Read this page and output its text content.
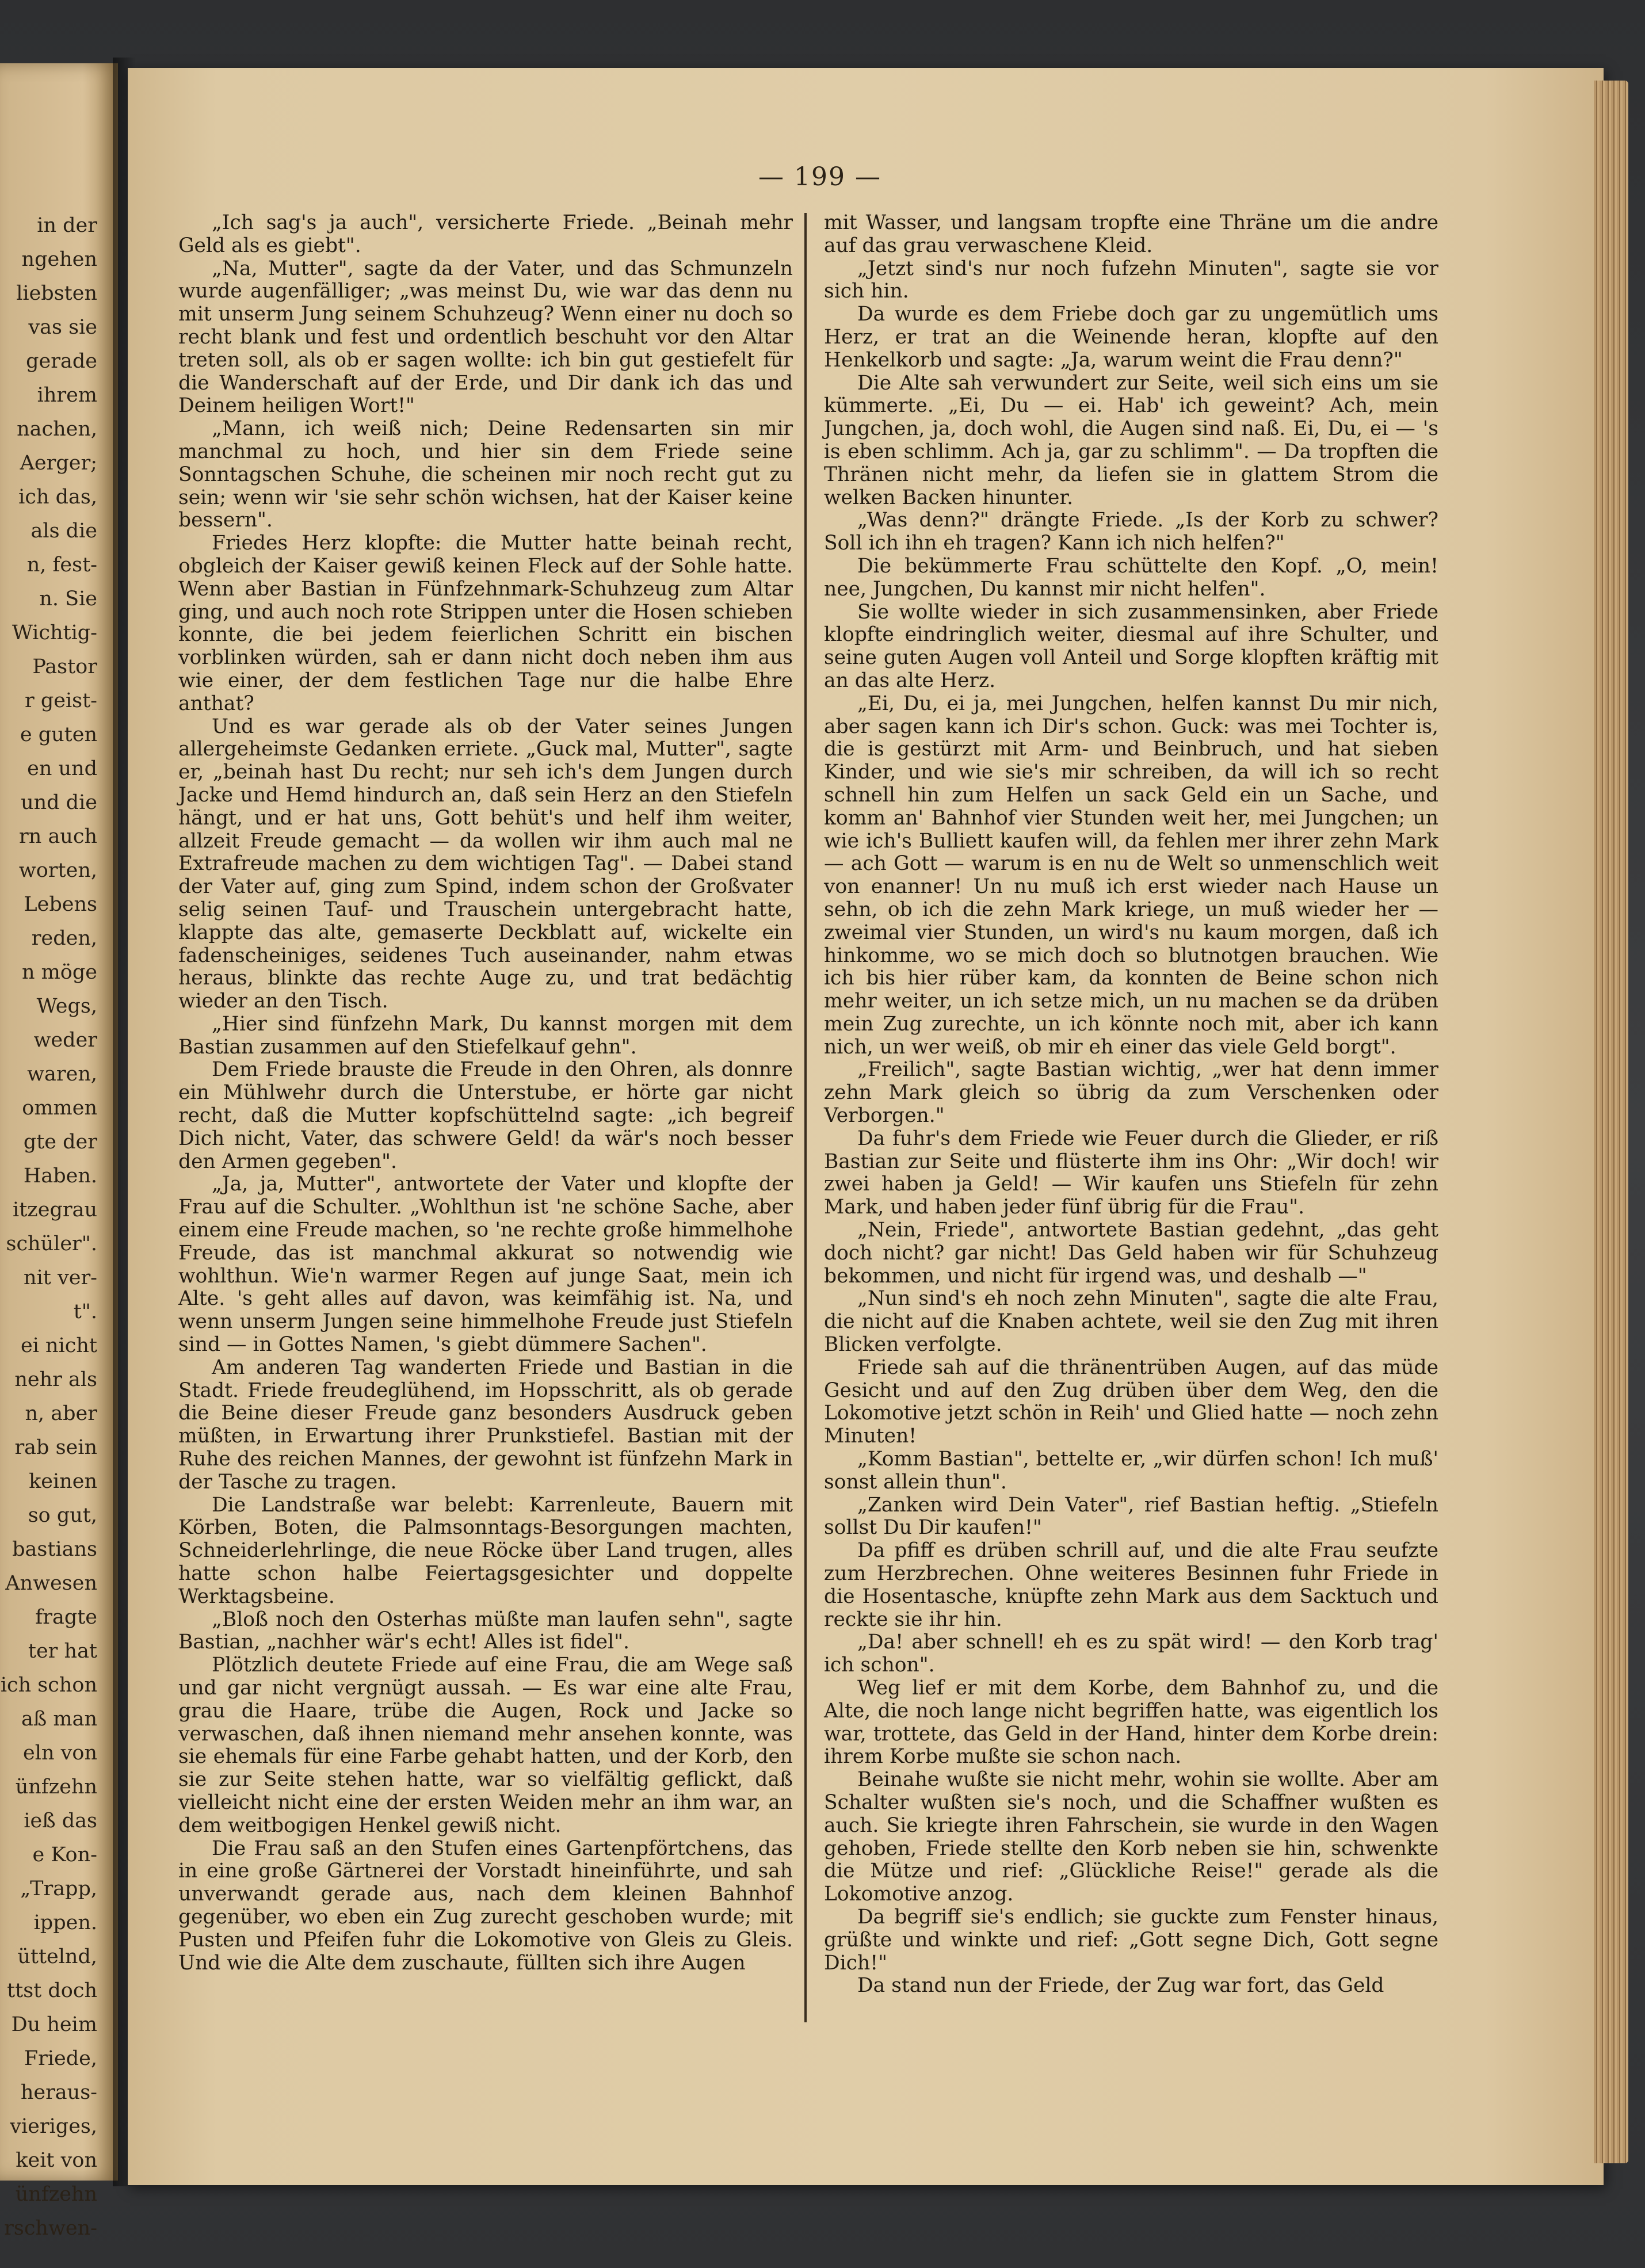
in der
ngehen
liebsten
vas sie
gerade
ihrem
nachen,
Aerger;
ich das,
als die
n, fest-
n. Sie
Wichtig-
Pastor
r geist-
e guten
en und
und die
rn auch
worten,
Lebens
reden,
n möge
Wegs,
weder
waren,
ommen
gte der
Haben.
itzegrau
schüler".
nit ver-
t".
ei nicht
nehr als
n, aber
rab sein
keinen
so gut,
bastians
Anwesen
fragte
ter hat
ich schon
aß man
eln von
ünfzehn
ieß das
e Kon-
„Trapp,
ippen.
üttelnd,
ttst doch
Du heim
Friede,
heraus-
vieriges,
keit von
ünfzehn
rschwen-
— 199 —

„Ich sag's ja auch", versicherte Friede. „Beinah mehr Geld als es giebt".

„Na, Mutter", sagte da der Vater, und das Schmunzeln wurde augenfälliger; „was meinst Du, wie war das denn nu mit unserm Jung seinem Schuhzeug? Wenn einer nu doch so recht blank und fest und ordentlich beschuht vor den Altar treten soll, als ob er sagen wollte: ich bin gut gestiefelt für die Wanderschaft auf der Erde, und Dir dank ich das und Deinem heiligen Wort!"

„Mann, ich weiß nich; Deine Redensarten sin mir manchmal zu hoch, und hier sin dem Friede seine Sonntagschen Schuhe, die scheinen mir noch recht gut zu sein; wenn wir 'sie sehr schön wichsen, hat der Kaiser keine bessern".

Friedes Herz klopfte: die Mutter hatte beinah recht, obgleich der Kaiser gewiß keinen Fleck auf der Sohle hatte. Wenn aber Bastian in Fünfzehnmark-Schuhzeug zum Altar ging, und auch noch rote Strippen unter die Hosen schieben konnte, die bei jedem feierlichen Schritt ein bischen vorblinken würden, sah er dann nicht doch neben ihm aus wie einer, der dem festlichen Tage nur die halbe Ehre anthat?

Und es war gerade als ob der Vater seines Jungen allergeheimste Gedanken erriete. „Guck mal, Mutter", sagte er, „beinah hast Du recht; nur seh ich's dem Jungen durch Jacke und Hemd hindurch an, daß sein Herz an den Stiefeln hängt, und er hat uns, Gott behüt's und helf ihm weiter, allzeit Freude gemacht — da wollen wir ihm auch mal ne Extrafreude machen zu dem wichtigen Tag". — Dabei stand der Vater auf, ging zum Spind, indem schon der Großvater selig seinen Tauf- und Trauschein untergebracht hatte, klappte das alte, gemaserte Deckblatt auf, wickelte ein fadenscheiniges, seidenes Tuch auseinander, nahm etwas heraus, blinkte das rechte Auge zu, und trat bedächtig wieder an den Tisch.

„Hier sind fünfzehn Mark, Du kannst morgen mit dem Bastian zusammen auf den Stiefelkauf gehn".

Dem Friede brauste die Freude in den Ohren, als donnre ein Mühlwehr durch die Unterstube, er hörte gar nicht recht, daß die Mutter kopfschüttelnd sagte: „ich begreif Dich nicht, Vater, das schwere Geld! da wär's noch besser den Armen gegeben".

„Ja, ja, Mutter", antwortete der Vater und klopfte der Frau auf die Schulter. „Wohlthun ist 'ne schöne Sache, aber einem eine Freude machen, so 'ne rechte große himmelhohe Freude, das ist manchmal akkurat so notwendig wie wohlthun. Wie'n warmer Regen auf junge Saat, mein ich Alte. 's geht alles auf davon, was keimfähig ist. Na, und wenn unserm Jungen seine himmelhohe Freude just Stiefeln sind — in Gottes Namen, 's giebt dümmere Sachen".

Am anderen Tag wanderten Friede und Bastian in die Stadt. Friede freudeglühend, im Hopsschritt, als ob gerade die Beine dieser Freude ganz besonders Ausdruck geben müßten, in Erwartung ihrer Prunkstiefel. Bastian mit der Ruhe des reichen Mannes, der gewohnt ist fünfzehn Mark in der Tasche zu tragen.

Die Landstraße war belebt: Karrenleute, Bauern mit Körben, Boten, die Palmsonntags-Besorgungen machten, Schneiderlehrlinge, die neue Röcke über Land trugen, alles hatte schon halbe Feiertagsgesichter und doppelte Werktagsbeine.

„Bloß noch den Osterhas müßte man laufen sehn", sagte Bastian, „nachher wär's echt! Alles ist fidel".

Plötzlich deutete Friede auf eine Frau, die am Wege saß und gar nicht vergnügt aussah. — Es war eine alte Frau, grau die Haare, trübe die Augen, Rock und Jacke so verwaschen, daß ihnen niemand mehr ansehen konnte, was sie ehemals für eine Farbe gehabt hatten, und der Korb, den sie zur Seite stehen hatte, war so vielfältig geflickt, daß vielleicht nicht eine der ersten Weiden mehr an ihm war, an dem weitbogigen Henkel gewiß nicht.

Die Frau saß an den Stufen eines Gartenpförtchens, das in eine große Gärtnerei der Vorstadt hineinführte, und sah unverwandt gerade aus, nach dem kleinen Bahnhof gegenüber, wo eben ein Zug zurecht geschoben wurde; mit Pusten und Pfeifen fuhr die Lokomotive von Gleis zu Gleis. Und wie die Alte dem zuschaute, füllten sich ihre Augen

mit Wasser, und langsam tropfte eine Thräne um die andre auf das grau verwaschene Kleid.

„Jetzt sind's nur noch fufzehn Minuten", sagte sie vor sich hin.

Da wurde es dem Friebe doch gar zu ungemütlich ums Herz, er trat an die Weinende heran, klopfte auf den Henkelkorb und sagte: „Ja, warum weint die Frau denn?"

Die Alte sah verwundert zur Seite, weil sich eins um sie kümmerte. „Ei, Du — ei. Hab' ich geweint? Ach, mein Jungchen, ja, doch wohl, die Augen sind naß. Ei, Du, ei — 's is eben schlimm. Ach ja, gar zu schlimm". — Da tropften die Thränen nicht mehr, da liefen sie in glattem Strom die welken Backen hinunter.

„Was denn?" drängte Friede. „Is der Korb zu schwer? Soll ich ihn eh tragen? Kann ich nich helfen?"

Die bekümmerte Frau schüttelte den Kopf. „O, mein! nee, Jungchen, Du kannst mir nicht helfen".

Sie wollte wieder in sich zusammensinken, aber Friede klopfte eindringlich weiter, diesmal auf ihre Schulter, und seine guten Augen voll Anteil und Sorge klopften kräftig mit an das alte Herz.

„Ei, Du, ei ja, mei Jungchen, helfen kannst Du mir nich, aber sagen kann ich Dir's schon. Guck: was mei Tochter is, die is gestürzt mit Arm- und Beinbruch, und hat sieben Kinder, und wie sie's mir schreiben, da will ich so recht schnell hin zum Helfen un sack Geld ein un Sache, und komm an' Bahnhof vier Stunden weit her, mei Jungchen; un wie ich's Bulliett kaufen will, da fehlen mer ihrer zehn Mark — ach Gott — warum is en nu de Welt so unmenschlich weit von enanner! Un nu muß ich erst wieder nach Hause un sehn, ob ich die zehn Mark kriege, un muß wieder her — zweimal vier Stunden, un wird's nu kaum morgen, daß ich hinkomme, wo se mich doch so blutnotgen brauchen. Wie ich bis hier rüber kam, da konnten de Beine schon nich mehr weiter, un ich setze mich, un nu machen se da drüben mein Zug zurechte, un ich könnte noch mit, aber ich kann nich, un wer weiß, ob mir eh einer das viele Geld borgt".

„Freilich", sagte Bastian wichtig, „wer hat denn immer zehn Mark gleich so übrig da zum Verschenken oder Verborgen."

Da fuhr's dem Friede wie Feuer durch die Glieder, er riß Bastian zur Seite und flüsterte ihm ins Ohr: „Wir doch! wir zwei haben ja Geld! — Wir kaufen uns Stiefeln für zehn Mark, und haben jeder fünf übrig für die Frau".

„Nein, Friede", antwortete Bastian gedehnt, „das geht doch nicht? gar nicht! Das Geld haben wir für Schuhzeug bekommen, und nicht für irgend was, und deshalb —"

„Nun sind's eh noch zehn Minuten", sagte die alte Frau, die nicht auf die Knaben achtete, weil sie den Zug mit ihren Blicken verfolgte.

Friede sah auf die thränentrüben Augen, auf das müde Gesicht und auf den Zug drüben über dem Weg, den die Lokomotive jetzt schön in Reih' und Glied hatte — noch zehn Minuten!

„Komm Bastian", bettelte er, „wir dürfen schon! Ich muß' sonst allein thun".

„Zanken wird Dein Vater", rief Bastian heftig. „Stiefeln sollst Du Dir kaufen!"

Da pfiff es drüben schrill auf, und die alte Frau seufzte zum Herzbrechen. Ohne weiteres Besinnen fuhr Friede in die Hosentasche, knüpfte zehn Mark aus dem Sacktuch und reckte sie ihr hin.

„Da! aber schnell! eh es zu spät wird! — den Korb trag' ich schon".

Weg lief er mit dem Korbe, dem Bahnhof zu, und die Alte, die noch lange nicht begriffen hatte, was eigentlich los war, trottete, das Geld in der Hand, hinter dem Korbe drein: ihrem Korbe mußte sie schon nach.

Beinahe wußte sie nicht mehr, wohin sie wollte. Aber am Schalter wußten sie's noch, und die Schaffner wußten es auch. Sie kriegte ihren Fahrschein, sie wurde in den Wagen gehoben, Friede stellte den Korb neben sie hin, schwenkte die Mütze und rief: „Glückliche Reise!" gerade als die Lokomotive anzog.

Da begriff sie's endlich; sie guckte zum Fenster hinaus, grüßte und winkte und rief: „Gott segne Dich, Gott segne Dich!"

Da stand nun der Friede, der Zug war fort, das Geld
